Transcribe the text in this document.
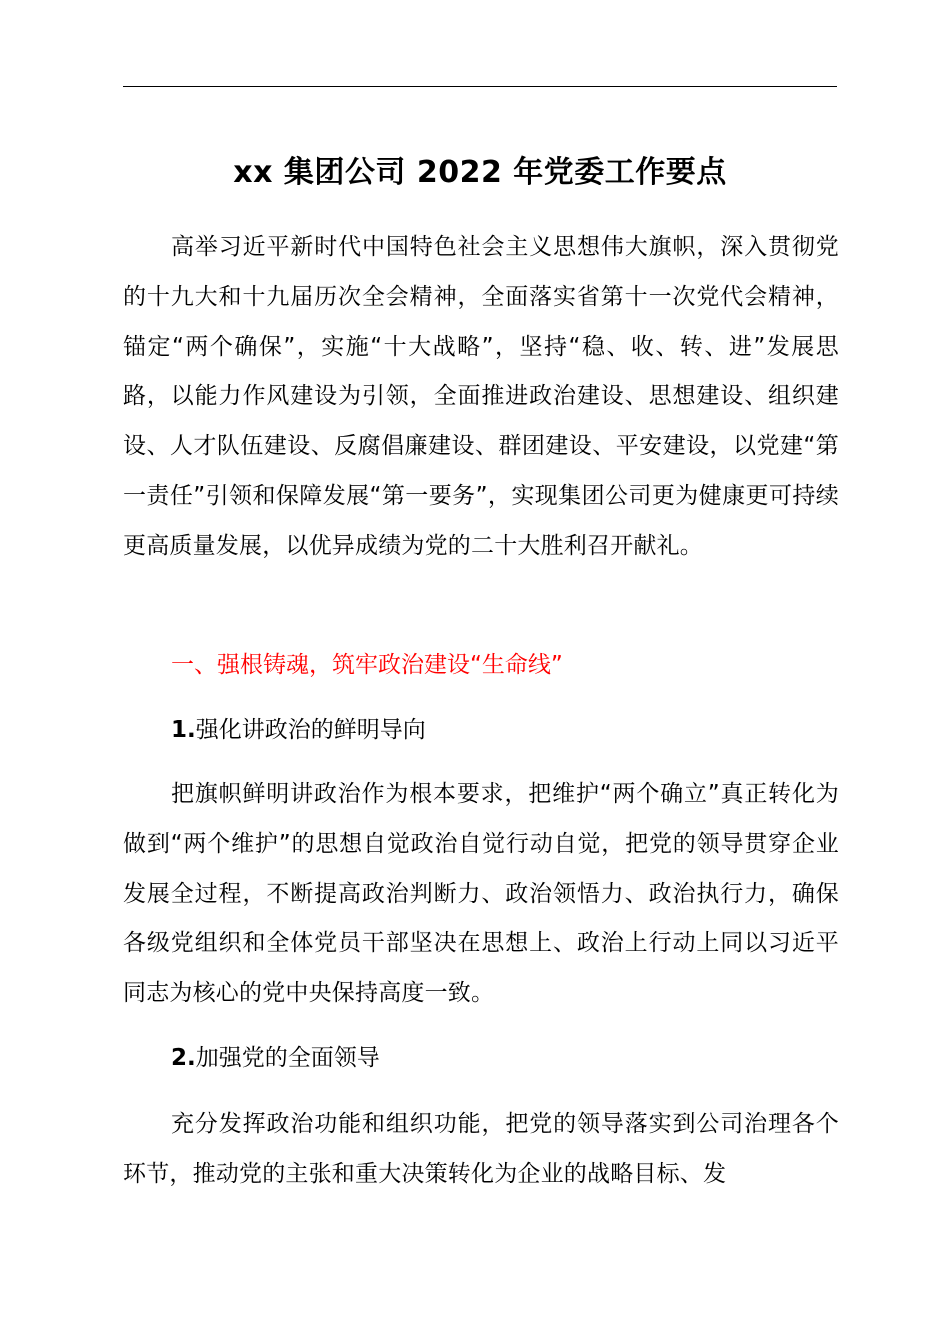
xx 集团公司 2022 年党委工作要点

高举习近平新时代中国特色社会主义思想伟大旗帜，深入贯彻党的十九大和十九届历次全会精神，全面落实省第十一次党代会精神，锚定“两个确保”，实施“十大战略”，坚持“稳、收、转、进”发展思路，以能力作风建设为引领，全面推进政治建设、思想建设、组织建设、人才队伍建设、反腐倡廉建设、群团建设、平安建设，以党建“第一责任”引领和保障发展“第一要务”，实现集团公司更为健康更可持续更高质量发展，以优异成绩为党的二十大胜利召开献礼。

一、强根铸魂，筑牢政治建设“生命线”

1.强化讲政治的鲜明导向

把旗帜鲜明讲政治作为根本要求，把维护“两个确立”真正转化为做到“两个维护”的思想自觉政治自觉行动自觉，把党的领导贯穿企业发展全过程，不断提高政治判断力、政治领悟力、政治执行力，确保各级党组织和全体党员干部坚决在思想上、政治上行动上同以习近平同志为核心的党中央保持高度一致。

2.加强党的全面领导

充分发挥政治功能和组织功能，把党的领导落实到公司治理各个环节，推动党的主张和重大决策转化为企业的战略目标、发
